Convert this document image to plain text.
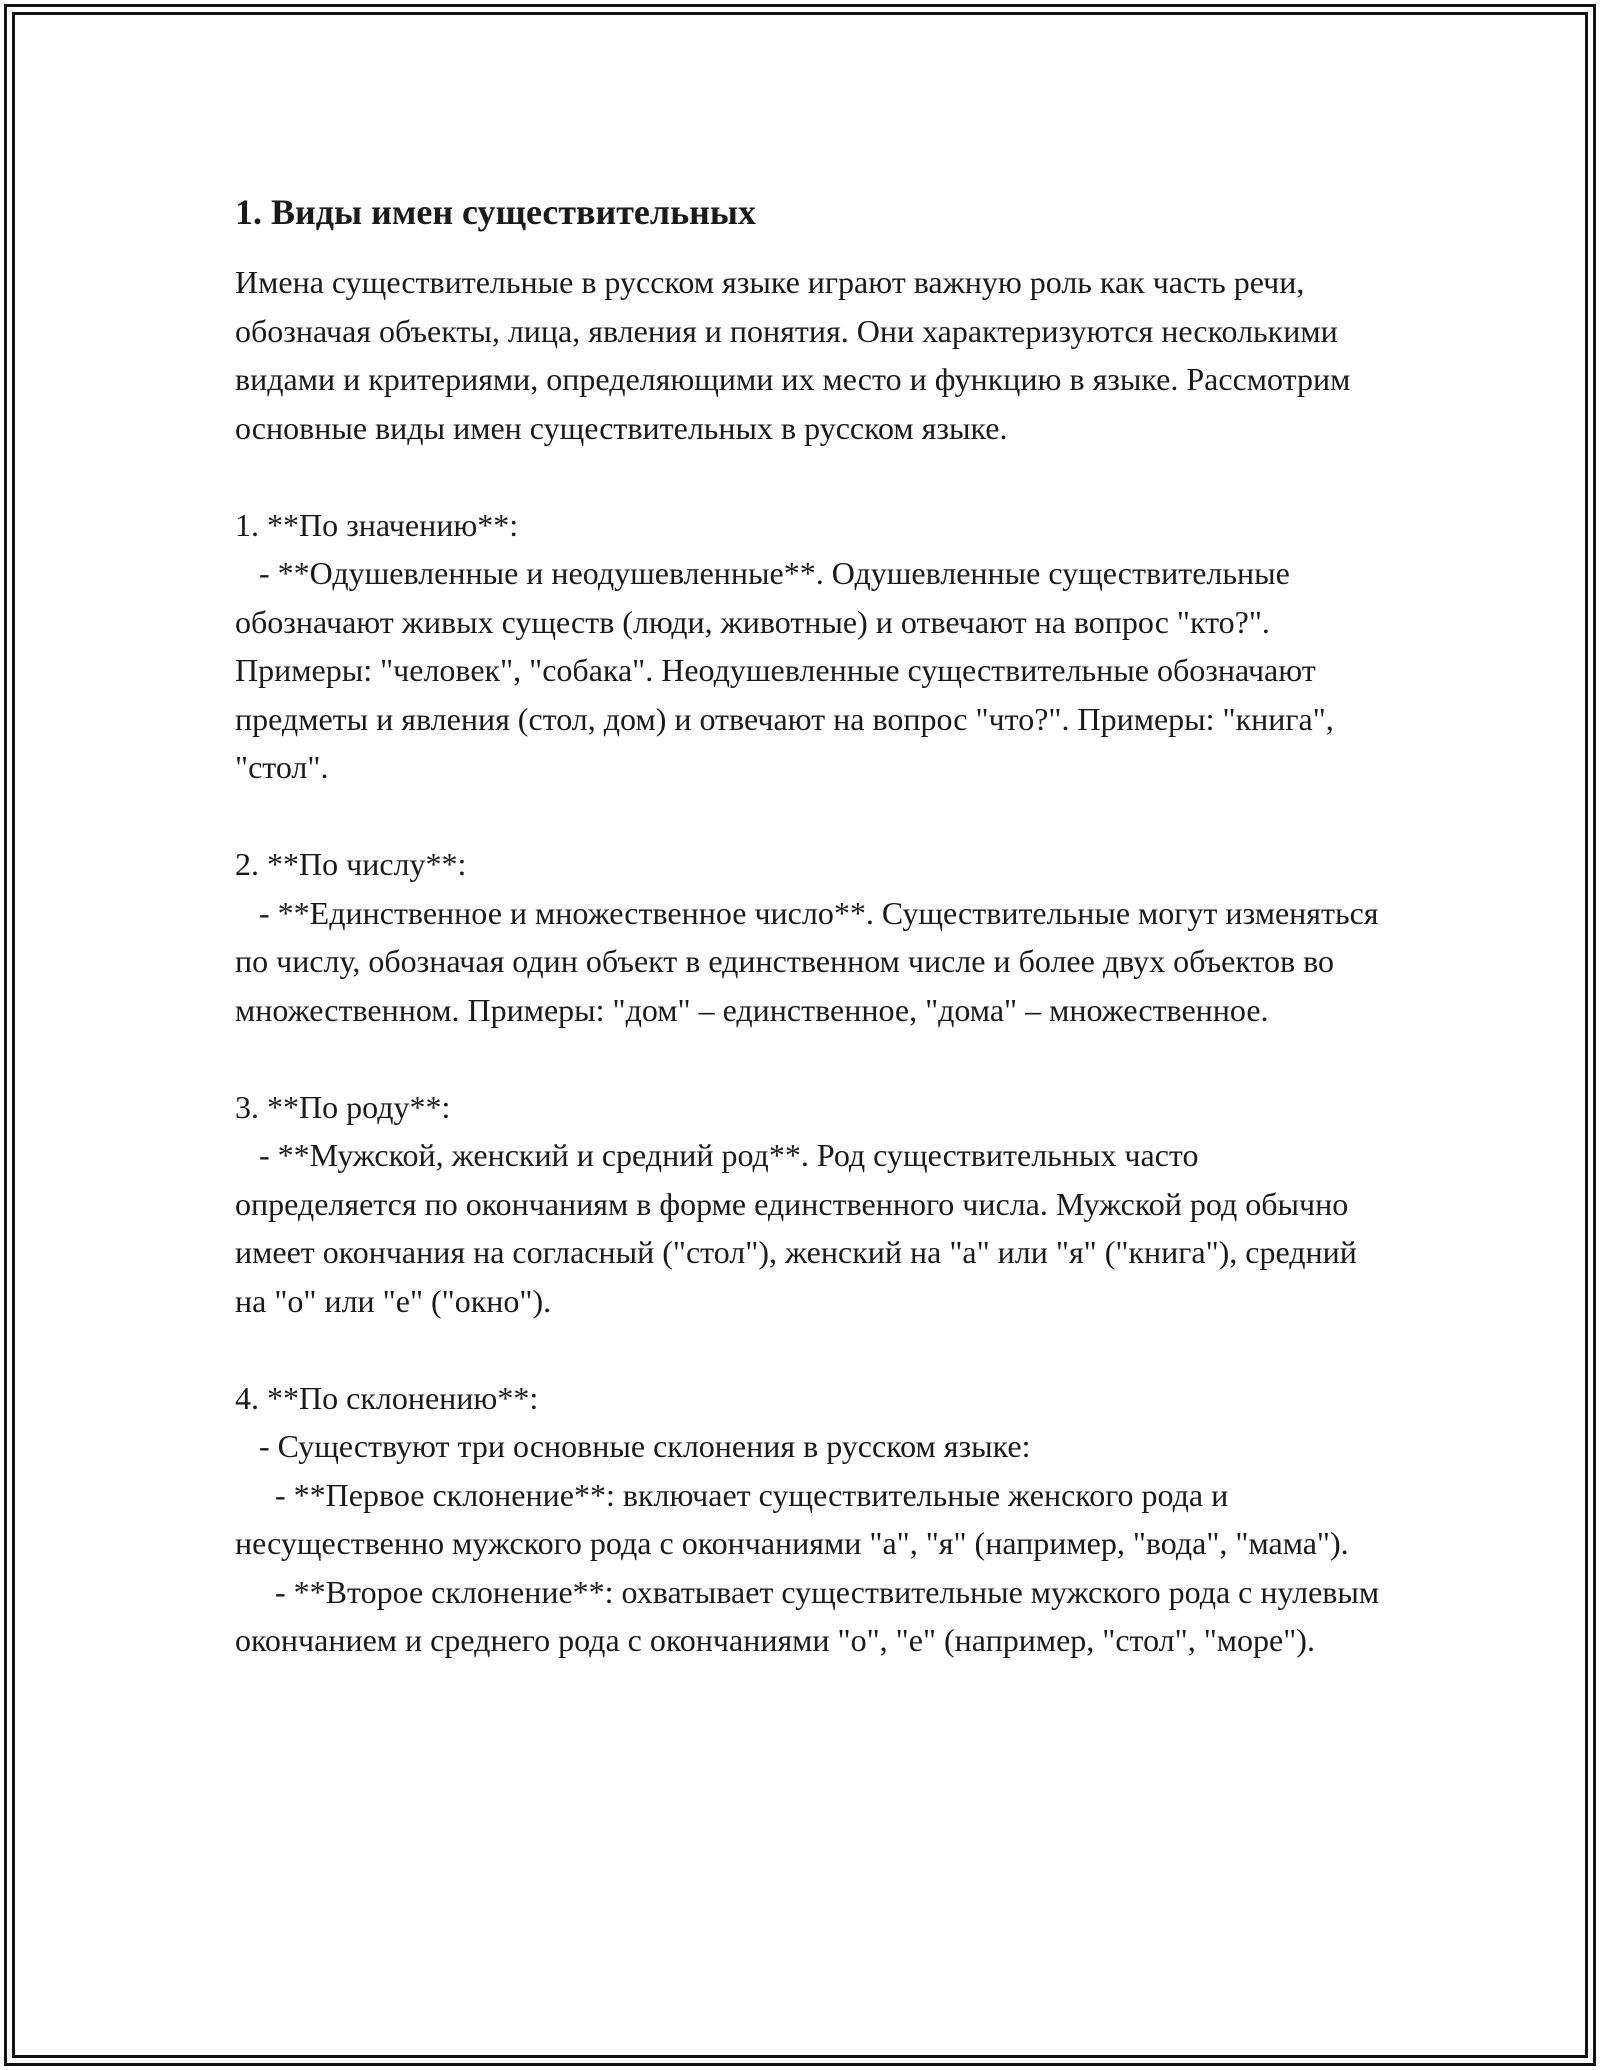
1. Виды имен существительных

Имена существительные в русском языке играют важную роль как часть речи, обозначая объекты, лица, явления и понятия. Они характеризуются несколькими видами и критериями, определяющими их место и функцию в языке. Рассмотрим основные виды имен существительных в русском языке.

1. **По значению**:
- **Одушевленные и неодушевленные**. Одушевленные существительные обозначают живых существ (люди, животные) и отвечают на вопрос "кто?". Примеры: "человек", "собака". Неодушевленные существительные обозначают предметы и явления (стол, дом) и отвечают на вопрос "что?". Примеры: "книга", "стол".
2. **По числу**:
- **Единственное и множественное число**. Существительные могут изменяться по числу, обозначая один объект в единственном числе и более двух объектов во множественном. Примеры: "дом" – единственное, "дома" – множественное.
3. **По роду**:
- **Мужской, женский и средний род**. Род существительных часто определяется по окончаниям в форме единственного числа. Мужской род обычно имеет окончания на согласный ("стол"), женский на "а" или "я" ("книга"), средний на "о" или "е" ("окно").
4. **По склонению**:
- Существуют три основные склонения в русском языке:
- **Первое склонение**: включает существительные женского рода и несущественно мужского рода с окончаниями "а", "я" (например, "вода", "мама").
- **Второе склонение**: охватывает существительные мужского рода с нулевым окончанием и среднего рода с окончаниями "о", "е" (например, "стол", "море").
